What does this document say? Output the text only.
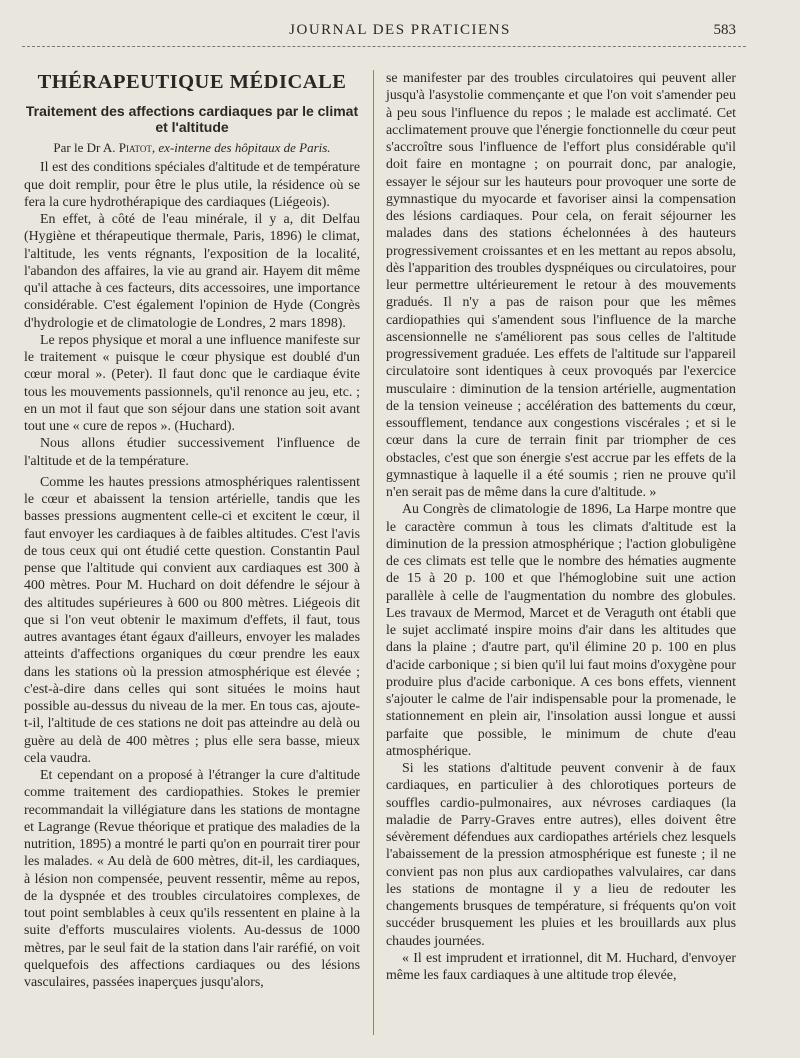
JOURNAL DES PRATICIENS	583
THÉRAPEUTIQUE MÉDICALE
Traitement des affections cardiaques par le climat et l'altitude
Par le Dr A. Piatot, ex-interne des hôpitaux de Paris.

Il est des conditions spéciales d'altitude et de température que doit remplir, pour être le plus utile, la résidence où se fera la cure hydrothérapique des cardiaques (Liégeois).

En effet, à côté de l'eau minérale, il y a, dit Delfau (Hygiène et thérapeutique thermale, Paris, 1896) le climat, l'altitude, les vents régnants, l'exposition de la localité, l'abandon des affaires, la vie au grand air. Hayem dit même qu'il attache à ces facteurs, dits accessoires, une importance considérable. C'est également l'opinion de Hyde (Congrès d'hydrologie et de climatologie de Londres, 2 mars 1898).

Le repos physique et moral a une influence manifeste sur le traitement « puisque le cœur physique est doublé d'un cœur moral ». (Peter). Il faut donc que le cardiaque évite tous les mouvements passionnels, qu'il renonce au jeu, etc. ; en un mot il faut que son séjour dans une station soit avant tout une « cure de repos ». (Huchard).

Nous allons étudier successivement l'influence de l'altitude et de la température.

Comme les hautes pressions atmosphériques ralentissent le cœur et abaissent la tension artérielle, tandis que les basses pressions augmentent celle-ci et excitent le cœur, il faut envoyer les cardiaques à de faibles altitudes. C'est l'avis de tous ceux qui ont étudié cette question. Constantin Paul pense que l'altitude qui convient aux cardiaques est 300 à 400 mètres. Pour M. Huchard on doit défendre le séjour à des altitudes supérieures à 600 ou 800 mètres. Liégeois dit que si l'on veut obtenir le maximum d'effets, il faut, tous autres avantages étant égaux d'ailleurs, envoyer les malades atteints d'affections organiques du cœur prendre les eaux dans les stations où la pression atmosphérique est élevée ; c'est-à-dire dans celles qui sont situées le moins haut possible au-dessus du niveau de la mer. En tous cas, ajoute-t-il, l'altitude de ces stations ne doit pas atteindre au delà ou guère au delà de 400 mètres ; plus elle sera basse, mieux cela vaudra.

Et cependant on a proposé à l'étranger la cure d'altitude comme traitement des cardiopathies. Stokes le premier recommandait la villégiature dans les stations de montagne et Lagrange (Revue théorique et pratique des maladies de la nutrition, 1895) a montré le parti qu'on en pourrait tirer pour les malades. « Au delà de 600 mètres, dit-il, les cardiaques, à lésion non compensée, peuvent ressentir, même au repos, de la dyspnée et des troubles circulatoires complexes, de tout point semblables à ceux qu'ils ressentent en plaine à la suite d'efforts musculaires violents. Au-dessus de 1000 mètres, par le seul fait de la station dans l'air raréfié, on voit quelquefois des affections cardiaques ou des lésions vasculaires, passées inaperçues jusqu'alors,

se manifester par des troubles circulatoires qui peuvent aller jusqu'à l'asystolie commençante et que l'on voit s'amender peu à peu sous l'influence du repos ; le malade est acclimaté. Cet acclimatement prouve que l'énergie fonctionnelle du cœur peut s'accroître sous l'influence de l'effort plus considérable qu'il doit faire en montagne ; on pourrait donc, par analogie, essayer le séjour sur les hauteurs pour provoquer une sorte de gymnastique du myocarde et favoriser ainsi la compensation des lésions cardiaques. Pour cela, on ferait séjourner les malades dans des stations échelonnées à des hauteurs progressivement croissantes et en les mettant au repos absolu, dès l'apparition des troubles dyspnéiques ou circulatoires, pour leur permettre ultérieurement le retour à des mouvements gradués. Il n'y a pas de raison pour que les mêmes cardiopathies qui s'amendent sous l'influence de la marche ascensionnelle ne s'améliorent pas sous celles de l'altitude progressivement graduée. Les effets de l'altitude sur l'appareil circulatoire sont identiques à ceux provoqués par l'exercice musculaire : diminution de la tension artérielle, augmentation de la tension veineuse ; accélération des battements du cœur, essoufflement, tendance aux congestions viscérales ; et si le cœur dans la cure de terrain finit par triompher de ces obstacles, c'est que son énergie s'est accrue par les effets de la gymnastique à laquelle il a été soumis ; rien ne prouve qu'il n'en serait pas de même dans la cure d'altitude. »

Au Congrès de climatologie de 1896, La Harpe montre que le caractère commun à tous les climats d'altitude est la diminution de la pression atmosphérique ; l'action globuligène de ces climats est telle que le nombre des hématies augmente de 15 à 20 p. 100 et que l'hémoglobine suit une action parallèle à celle de l'augmentation du nombre des globules. Les travaux de Mermod, Marcet et de Veraguth ont établi que le sujet acclimaté inspire moins d'air dans les altitudes que dans la plaine ; d'autre part, qu'il élimine 20 p. 100 en plus d'acide carbonique ; si bien qu'il lui faut moins d'oxygène pour produire plus d'acide carbonique. A ces bons effets, viennent s'ajouter le calme de l'air indispensable pour la promenade, le stationnement en plein air, l'insolation aussi longue et aussi parfaite que possible, le minimum de chute d'eau atmosphérique.

Si les stations d'altitude peuvent convenir à de faux cardiaques, en particulier à des chlorotiques porteurs de souffles cardio-pulmonaires, aux névroses cardiaques (la maladie de Parry-Graves entre autres), elles doivent être sévèrement défendues aux cardiopathes artériels chez lesquels l'abaissement de la pression atmosphérique est funeste ; il ne convient pas non plus aux cardiopathes valvulaires, car dans les stations de montagne il y a lieu de redouter les changements brusques de température, si fréquents qu'on voit succéder brusquement les pluies et les brouillards aux plus chaudes journées.

« Il est imprudent et irrationnel, dit M. Huchard, d'envoyer même les faux cardiaques à une altitude trop élevée,
